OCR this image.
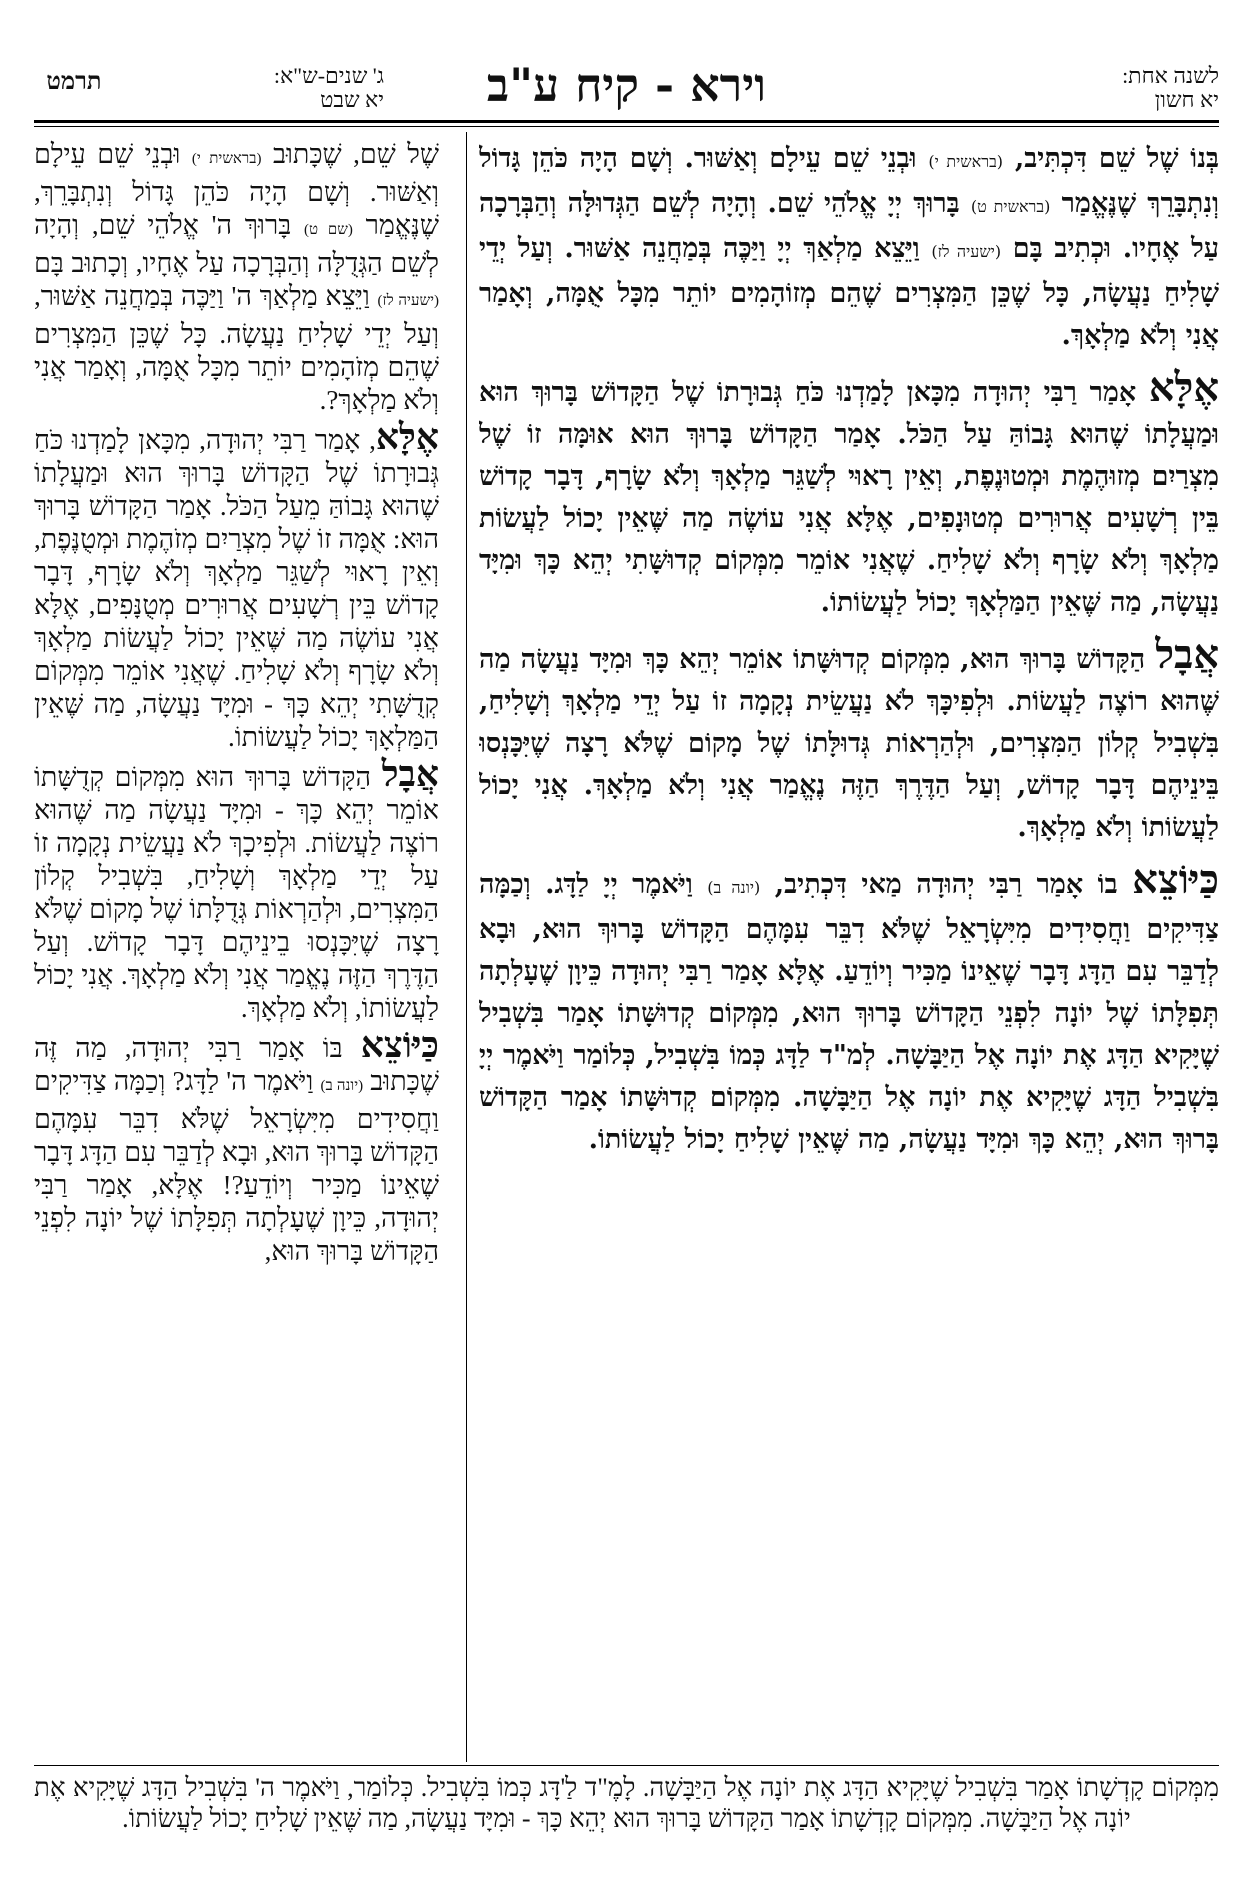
לשנה אחת:
יא חשון
וירא - קיח ע"ב
ג' שנים-ש"א:
יא שבט
תרמט

בְּנוֹ שֶׁל שֵׁם דִּכְתִּיב, (בראשית י) וּבְנֵי שֵׁם עֵילָם וְאַשּׁוּר. וְשָׁם הָיָה כֹּהֵן גָּדוֹל וְנִתְבָּרֵךְ שֶׁנֶּאֱמַר (בראשית ט) בָּרוּךְ יְיָ אֱלֹהֵי שֵׁם. וְהָיָה לְשֵׁם הַגְּדוּלָּה וְהַבְּרָכָה עַל אֶחָיו. וּכְתִיב בָּם (ישעיה לז) וַיֵּצֵא מַלְאַךְ יְיָ וַיַּכֶּה בְּמַחֲנֵה אַשּׁוּר. וְעַל יְדֵי שָׁלִיחַ נַעֲשָׂה, כָּל שֶׁכֵּן הַמִּצְרִים שֶׁהֵם מְזוֹהָמִים יוֹתֵר מִכָּל אֻמָּה, וְאָמַר אֲנִי וְלֹא מַלְאָךְ.

אֶלָּא אָמַר רַבִּי יְהוּדָה מִכָּאן לָמַדְנוּ כֹּחַ גְּבוּרָתוֹ שֶׁל הַקָּדוֹשׁ בָּרוּךְ הוּא וּמַעֲלָתוֹ שֶׁהוּא גָּבוֹהַּ עַל הַכֹּל. אָמַר הַקָּדוֹשׁ בָּרוּךְ הוּא אוּמָּה זוֹ שֶׁל מִצְרַיִם מְזוּהֶמֶת וּמְטוּנֶפֶת, וְאֵין רָאוּי לְשַׁגֵּר מַלְאָךְ וְלֹא שָׂרָף, דָּבָר קָדוֹשׁ בֵּין רְשָׁעִים אֲרוּרִים מְטוּנָפִים, אֶלָּא אֲנִי עוֹשֶׂה מַה שֶּׁאֵין יָכוֹל לַעֲשׂוֹת מַלְאָךְ וְלֹא שָׂרָף וְלֹא שָׁלִיחַ. שֶׁאֲנִי אוֹמֵר מִמְּקוֹם קְדוּשָּׁתִי יְהֵא כָּךְ וּמִיָּד נַעֲשָׂה, מַה שֶּׁאֵין הַמַּלְאָךְ יָכוֹל לַעֲשׂוֹתוֹ.

אֲבָל הַקָּדוֹשׁ בָּרוּךְ הוּא, מִמְּקוֹם קְדוּשָּׁתוֹ אוֹמֵר יְהֵא כָּךְ וּמִיָּד נַעֲשָׂה מַה שֶּׁהוּא רוֹצֶה לַעֲשׂוֹת. וּלְפִיכָּךְ לֹא נַעֲשֵׂית נְקָמָה זוֹ עַל יְדֵי מַלְאָךְ וְשָׁלִיחַ, בִּשְׁבִיל קְלוֹן הַמִּצְרִים, וּלְהַרְאוֹת גְּדוּלָּתוֹ שֶׁל מָקוֹם שֶׁלֹּא רָצָה שֶׁיִּכָּנְסוּ בֵּינֵיהֶם דָּבָר קָדוֹשׁ, וְעַל הַדֶּרֶךְ הַזֶּה נֶאֱמַר אֲנִי וְלֹא מַלְאָךְ. אֲנִי יָכוֹל לַעֲשׂוֹתוֹ וְלֹא מַלְאָךְ.

כַּיּוֹצֵא בוֹ אָמַר רַבִּי יְהוּדָה מַאי דִּכְתִיב, (יונה ב) וַיֹּאמֶר יְיָ לַדָּג. וְכַמָּה צַדִּיקִים וַחֲסִידִים מִיִּשְׂרָאֵל שֶׁלֹּא דִבֵּר עִמָּהֶם הַקָּדוֹשׁ בָּרוּךְ הוּא, וּבָא לְדַבֵּר עִם הַדָּג דָּבָר שֶׁאֵינוֹ מַכִּיר וְיוֹדֵעַ. אֶלָּא אָמַר רַבִּי יְהוּדָה כֵּיוָן שֶׁעָלְתָה תְּפִלָּתוֹ שֶׁל יוֹנָה לִפְנֵי הַקָּדוֹשׁ בָּרוּךְ הוּא, מִמְּקוֹם קְדוּשָּׁתוֹ אָמַר בִּשְׁבִיל שֶׁיָּקִיא הַדָּג אֶת יוֹנָה אֶל הַיַּבָּשָׁה. לְמ"ד לַדָּג כְּמוֹ בִּשְׁבִיל, כְּלוֹמַר וַיֹּאמֶר יְיָ בִּשְׁבִיל הַדָּג שֶׁיָּקִיא אֶת יוֹנָה אֶל הַיַּבָּשָׁה. מִמְּקוֹם קְדוּשָּׁתוֹ אָמַר הַקָּדוֹשׁ בָּרוּךְ הוּא, יְהֵא כָּךְ וּמִיָּד נַעֲשָׂה, מַה שֶּׁאֵין שָׁלִיחַ יָכוֹל לַעֲשׂוֹתוֹ.

שֶׁל שֵׁם, שֶׁכָּתוּב (בראשית י) וּבְנֵי שֵׁם עֵילָם וְאַשּׁוּר. וְשָׁם הָיָה כֹּהֵן גָּדוֹל וְנִתְבָּרֵךְ, שֶׁנֶּאֱמַר (שם ט) בָּרוּךְ ה' אֱלֹהֵי שֵׁם, וְהָיָה לְשֵׁם הַגְּדֻלָּה וְהַבְּרָכָה עַל אֶחָיו, וְכָתוּב בָּם (ישעיה לז) וַיֵּצֵא מַלְאַךְ ה' וַיַּכֶּה בְּמַחֲנֵה אַשּׁוּר, וְעַל יְדֵי שָׁלִיחַ נַעֲשָׂה. כָּל שֶׁכֵּן הַמִּצְרִים שֶׁהֵם מְזֹהָמִים יוֹתֵר מִכָּל אֻמָּה, וְאָמַר אֲנִי וְלֹא מַלְאָךְ?.

אֶלָּא, אָמַר רַבִּי יְהוּדָה, מִכָּאן לָמַדְנוּ כֹּחַ גְּבוּרָתוֹ שֶׁל הַקָּדוֹשׁ בָּרוּךְ הוּא וּמַעֲלָתוֹ שֶׁהוּא גָּבוֹהַּ מֵעַל הַכֹּל. אָמַר הַקָּדוֹשׁ בָּרוּךְ הוּא: אֻמָּה זוֹ שֶׁל מִצְרַיִם מְזֹהֶמֶת וּמְטֻנֶּפֶת, וְאֵין רָאוּי לְשַׁגֵּר מַלְאָךְ וְלֹא שָׂרָף, דָּבָר קָדוֹשׁ בֵּין רְשָׁעִים אֲרוּרִים מְטֻנָּפִים, אֶלָּא אֲנִי עוֹשֶׂה מַה שֶּׁאֵין יָכוֹל לַעֲשׂוֹת מַלְאָךְ וְלֹא שָׂרָף וְלֹא שָׁלִיחַ. שֶׁאֲנִי אוֹמֵר מִמְּקוֹם קְדֻשָּׁתִי יְהֵא כָּךְ - וּמִיָּד נַעֲשָׂה, מַה שֶּׁאֵין הַמַּלְאָךְ יָכוֹל לַעֲשׂוֹתוֹ.

אֲבָל הַקָּדוֹשׁ בָּרוּךְ הוּא מִמְּקוֹם קְדֻשָּׁתוֹ אוֹמֵר יְהֵא כָּךְ - וּמִיָּד נַעֲשָׂה מַה שֶּׁהוּא רוֹצֶה לַעֲשׂוֹת. וּלְפִיכָךְ לֹא נַעֲשֵׂית נְקָמָה זוֹ עַל יְדֵי מַלְאָךְ וְשָׁלִיחַ, בִּשְׁבִיל קְלוֹן הַמִּצְרִים, וּלְהַרְאוֹת גְּדֻלָּתוֹ שֶׁל מָקוֹם שֶׁלֹּא רָצָה שֶׁיִּכָּנְסוּ בֵינֵיהֶם דָּבָר קָדוֹשׁ. וְעַל הַדֶּרֶךְ הַזֶּה נֶאֱמַר אֲנִי וְלֹא מַלְאָךְ. אֲנִי יָכוֹל לַעֲשׂוֹתוֹ, וְלֹא מַלְאָךְ.

כַּיּוֹצֵא בּוֹ אָמַר רַבִּי יְהוּדָה, מַה זֶּה שֶׁכָּתוּב (יונה ב) וַיֹּאמֶר ה' לַדָּג? וְכַמָּה צַדִּיקִים וַחֲסִידִים מִיִּשְׂרָאֵל שֶׁלֹּא דִבֵּר עִמָּהֶם הַקָּדוֹשׁ בָּרוּךְ הוּא, וּבָא לְדַבֵּר עִם הַדָּג דָּבָר שֶׁאֵינוֹ מַכִּיר וְיוֹדֵעַ?! אֶלָּא, אָמַר רַבִּי יְהוּדָה, כֵּיוָן שֶׁעָלְתָה תְּפִלָּתוֹ שֶׁל יוֹנָה לִפְנֵי הַקָּדוֹשׁ בָּרוּךְ הוּא,

מִמְּקוֹם קָדְשָׁתוֹ אָמַר בִּשְׁבִיל שֶׁיָּקִיא הַדָּג אֶת יוֹנָה אֶל הַיַּבָּשָׁה. לָמֶ"ד לַ'דָּג כְּמוֹ בִּשְׁבִיל. כְּלוֹמַר, וַיֹּאמֶר ה' בִּשְׁבִיל הַדָּג שֶׁיָּקִיא אֶת יוֹנָה אֶל הַיַּבָּשָׁה. מִמְּקוֹם קָדְשָׁתוֹ אָמַר הַקָּדוֹשׁ בָּרוּךְ הוּא יְהֵא כָּךְ - וּמִיָּד נַעֲשָׂה, מַה שֶּׁאֵין שָׁלִיחַ יָכוֹל לַעֲשׂוֹתוֹ.
